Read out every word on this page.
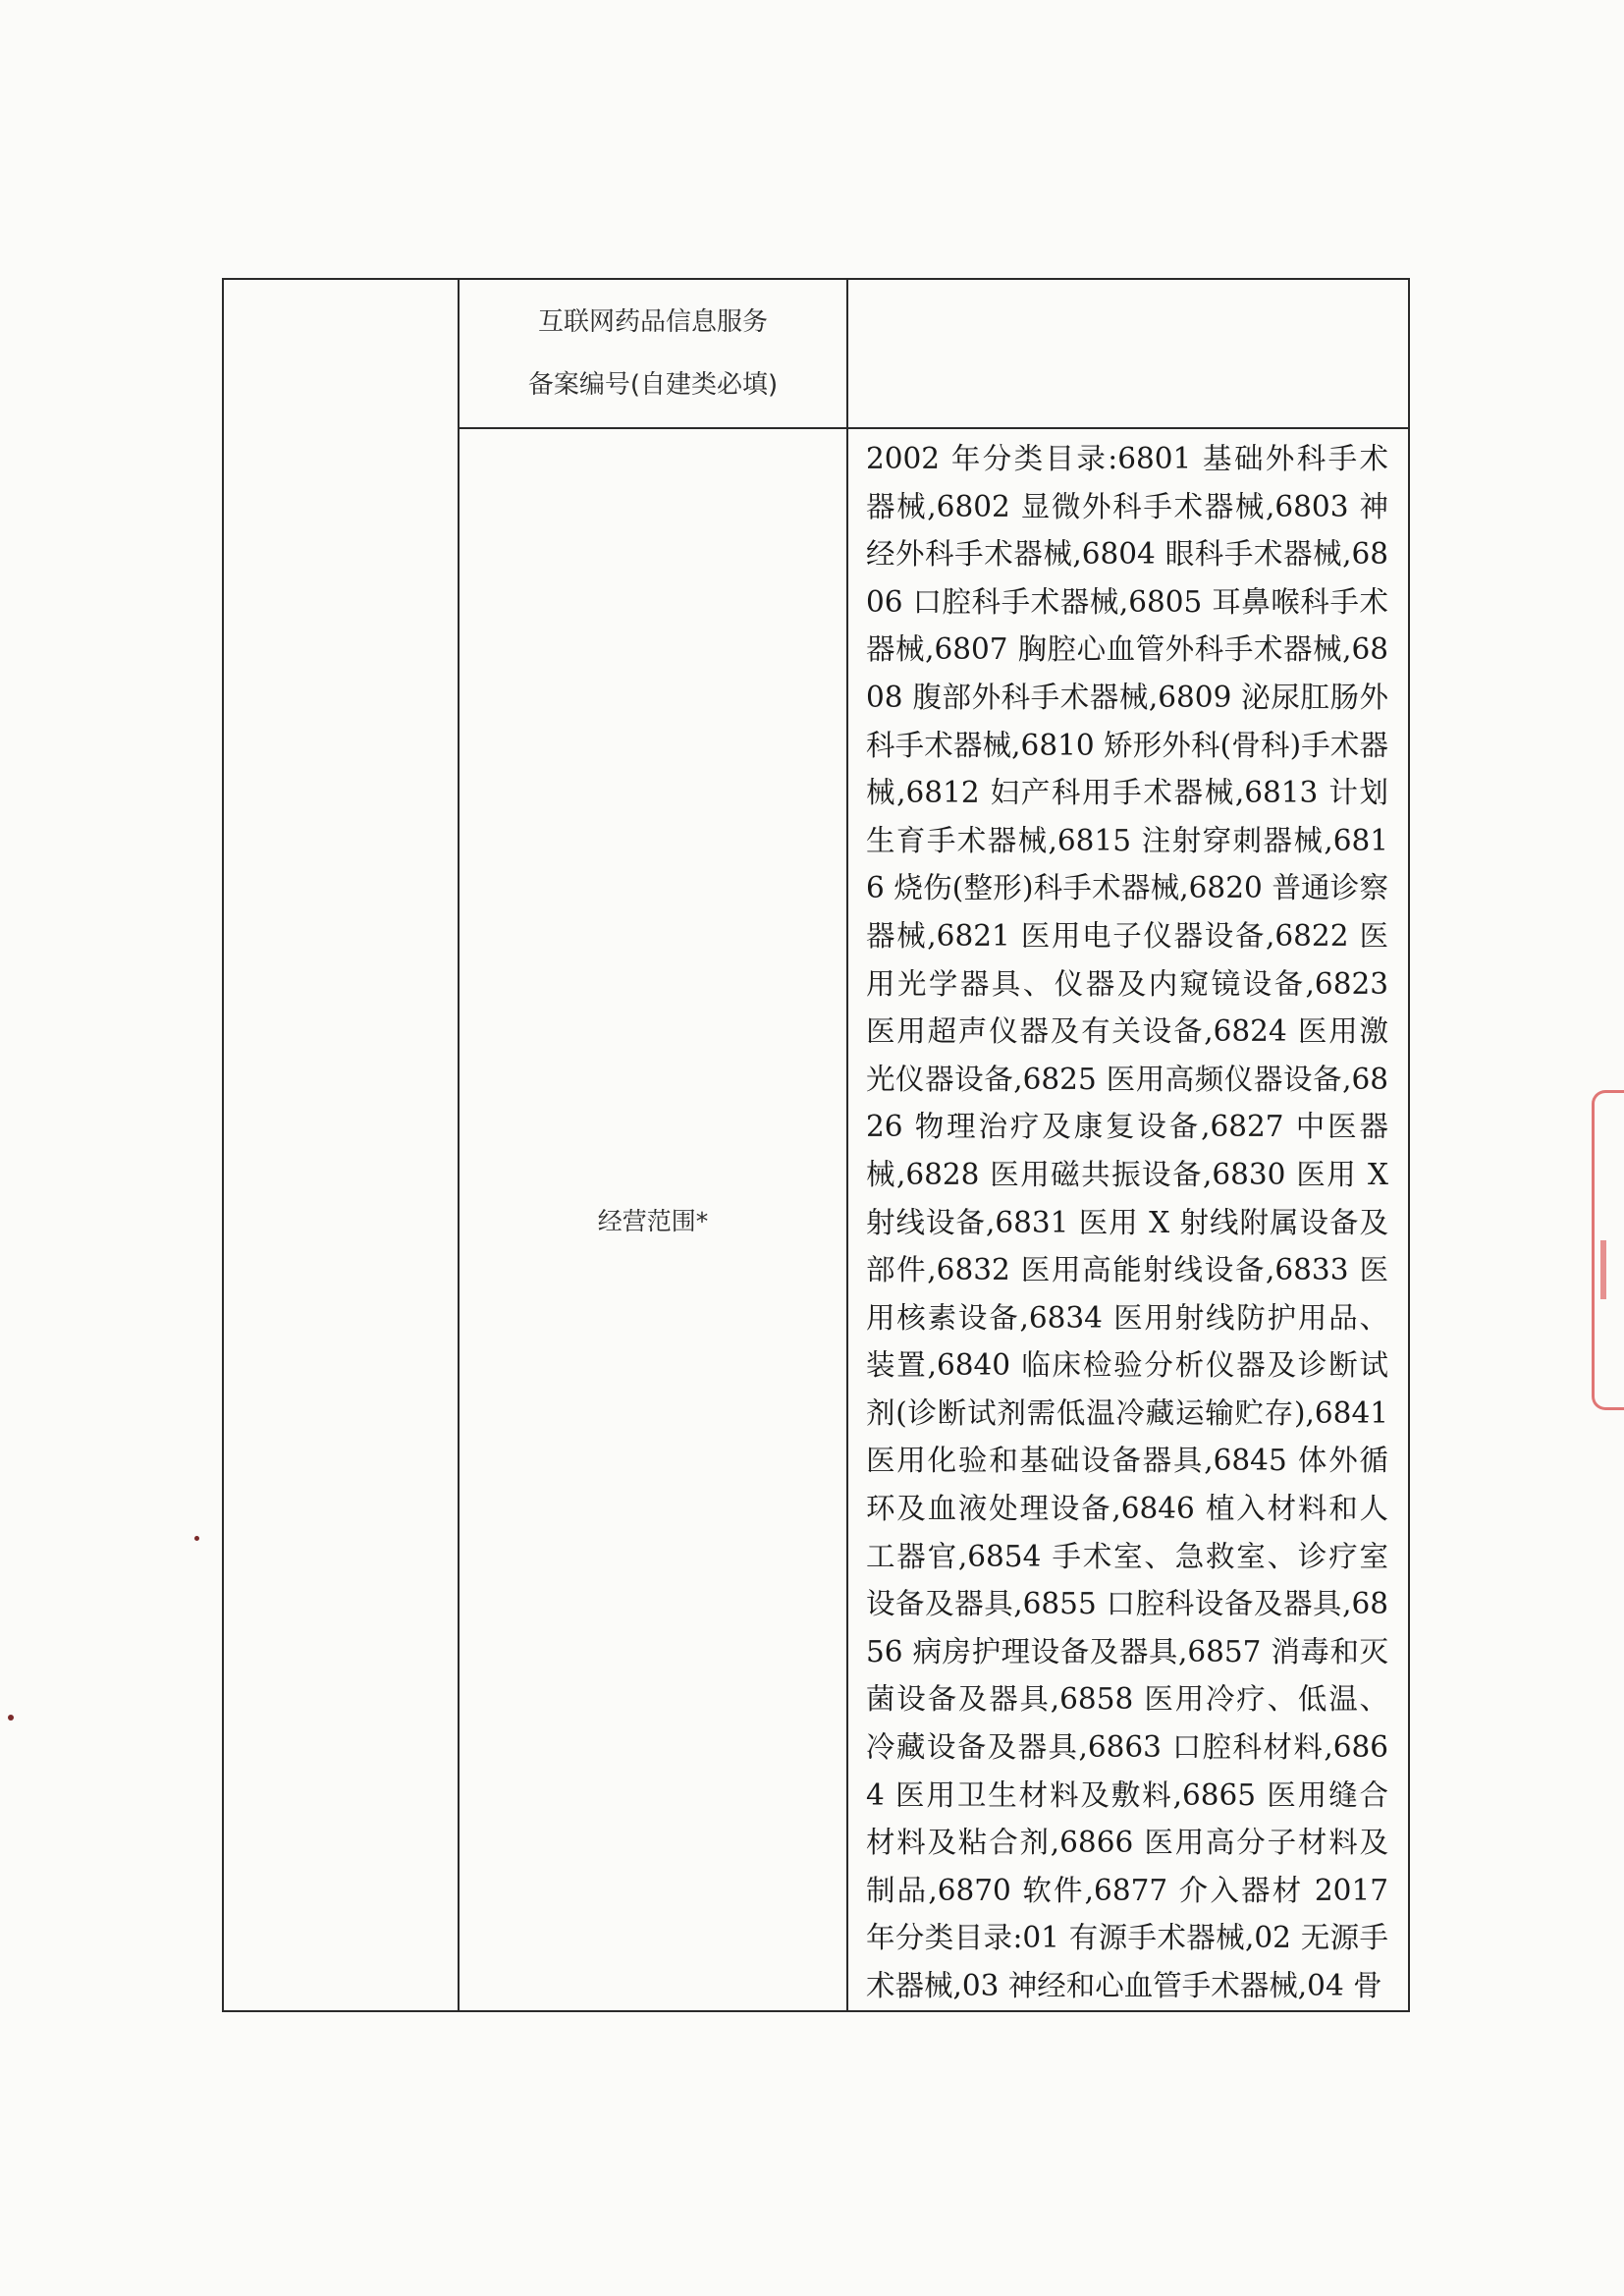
	互联网药品信息服务
备案编号(自建类必填)	

	经营范围*	2002 年分类目录:6801 基础外科手术器械,6802 显微外科手术器械,6803 神经外科手术器械,6804 眼科手术器械,6806 口腔科手术器械,6805 耳鼻喉科手术器械,6807 胸腔心血管外科手术器械,6808 腹部外科手术器械,6809 泌尿肛肠外科手术器械,6810 矫形外科(骨科)手术器械,6812 妇产科用手术器械,6813 计划生育手术器械,6815 注射穿刺器械,6816 烧伤(整形)科手术器械,6820 普通诊察器械,6821 医用电子仪器设备,6822 医用光学器具、仪器及内窥镜设备,6823 医用超声仪器及有关设备,6824 医用激光仪器设备,6825 医用高频仪器设备,6826 物理治疗及康复设备,6827 中医器械,6828 医用磁共振设备,6830 医用 X 射线设备,6831 医用 X 射线附属设备及部件,6832 医用高能射线设备,6833 医用核素设备,6834 医用射线防护用品、装置,6840 临床检验分析仪器及诊断试剂(诊断试剂需低温冷藏运输贮存),6841 医用化验和基础设备器具,6845 体外循环及血液处理设备,6846 植入材料和人工器官,6854 手术室、急救室、诊疗室设备及器具,6855 口腔科设备及器具,6856 病房护理设备及器具,6857 消毒和灭菌设备及器具,6858 医用冷疗、低温、冷藏设备及器具,6863 口腔科材料,6864 医用卫生材料及敷料,6865 医用缝合材料及粘合剂,6866 医用高分子材料及制品,6870 软件,6877 介入器材 2017 年分类目录:01 有源手术器械,02 无源手术器械,03 神经和心血管手术器械,04 骨
